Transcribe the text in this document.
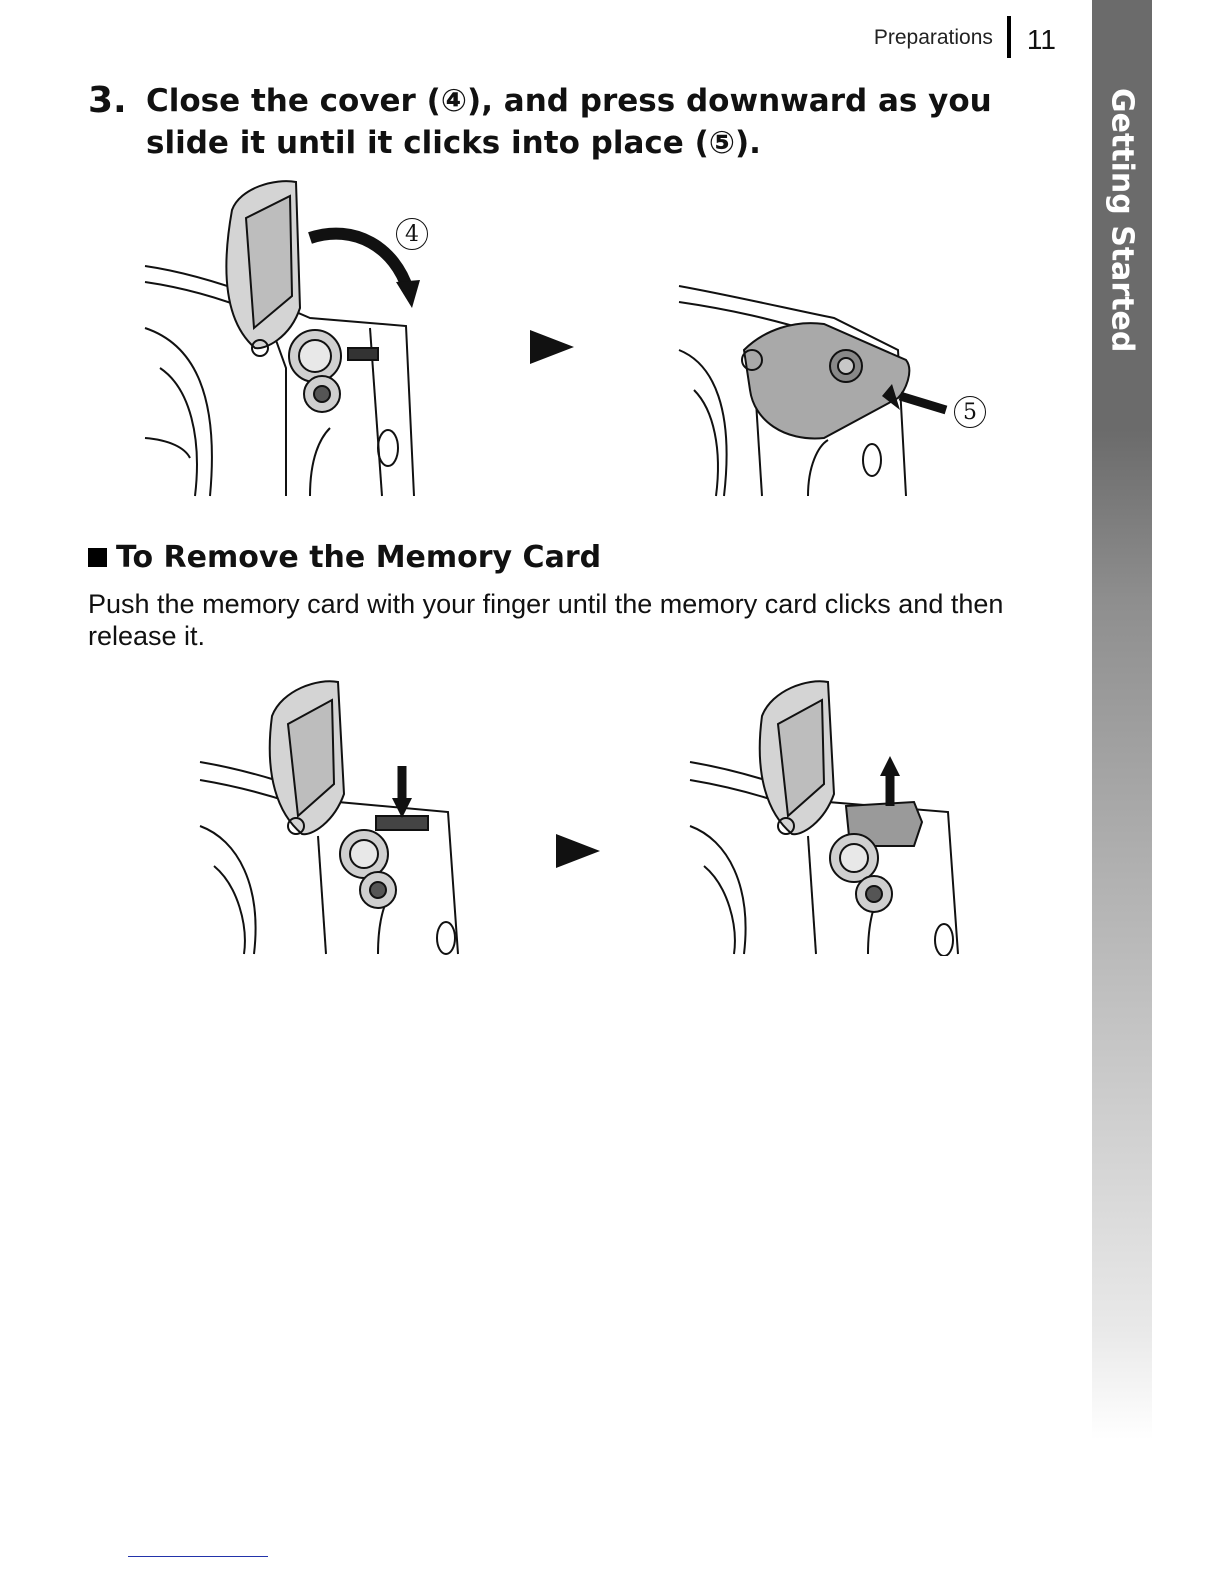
Preparations 11
Getting Started
3. Close the cover (④), and press downward as you slide it until it clicks into place (⑤).
4
5
To Remove the Memory Card
Push the memory card with your finger until the memory card clicks and then release it.
